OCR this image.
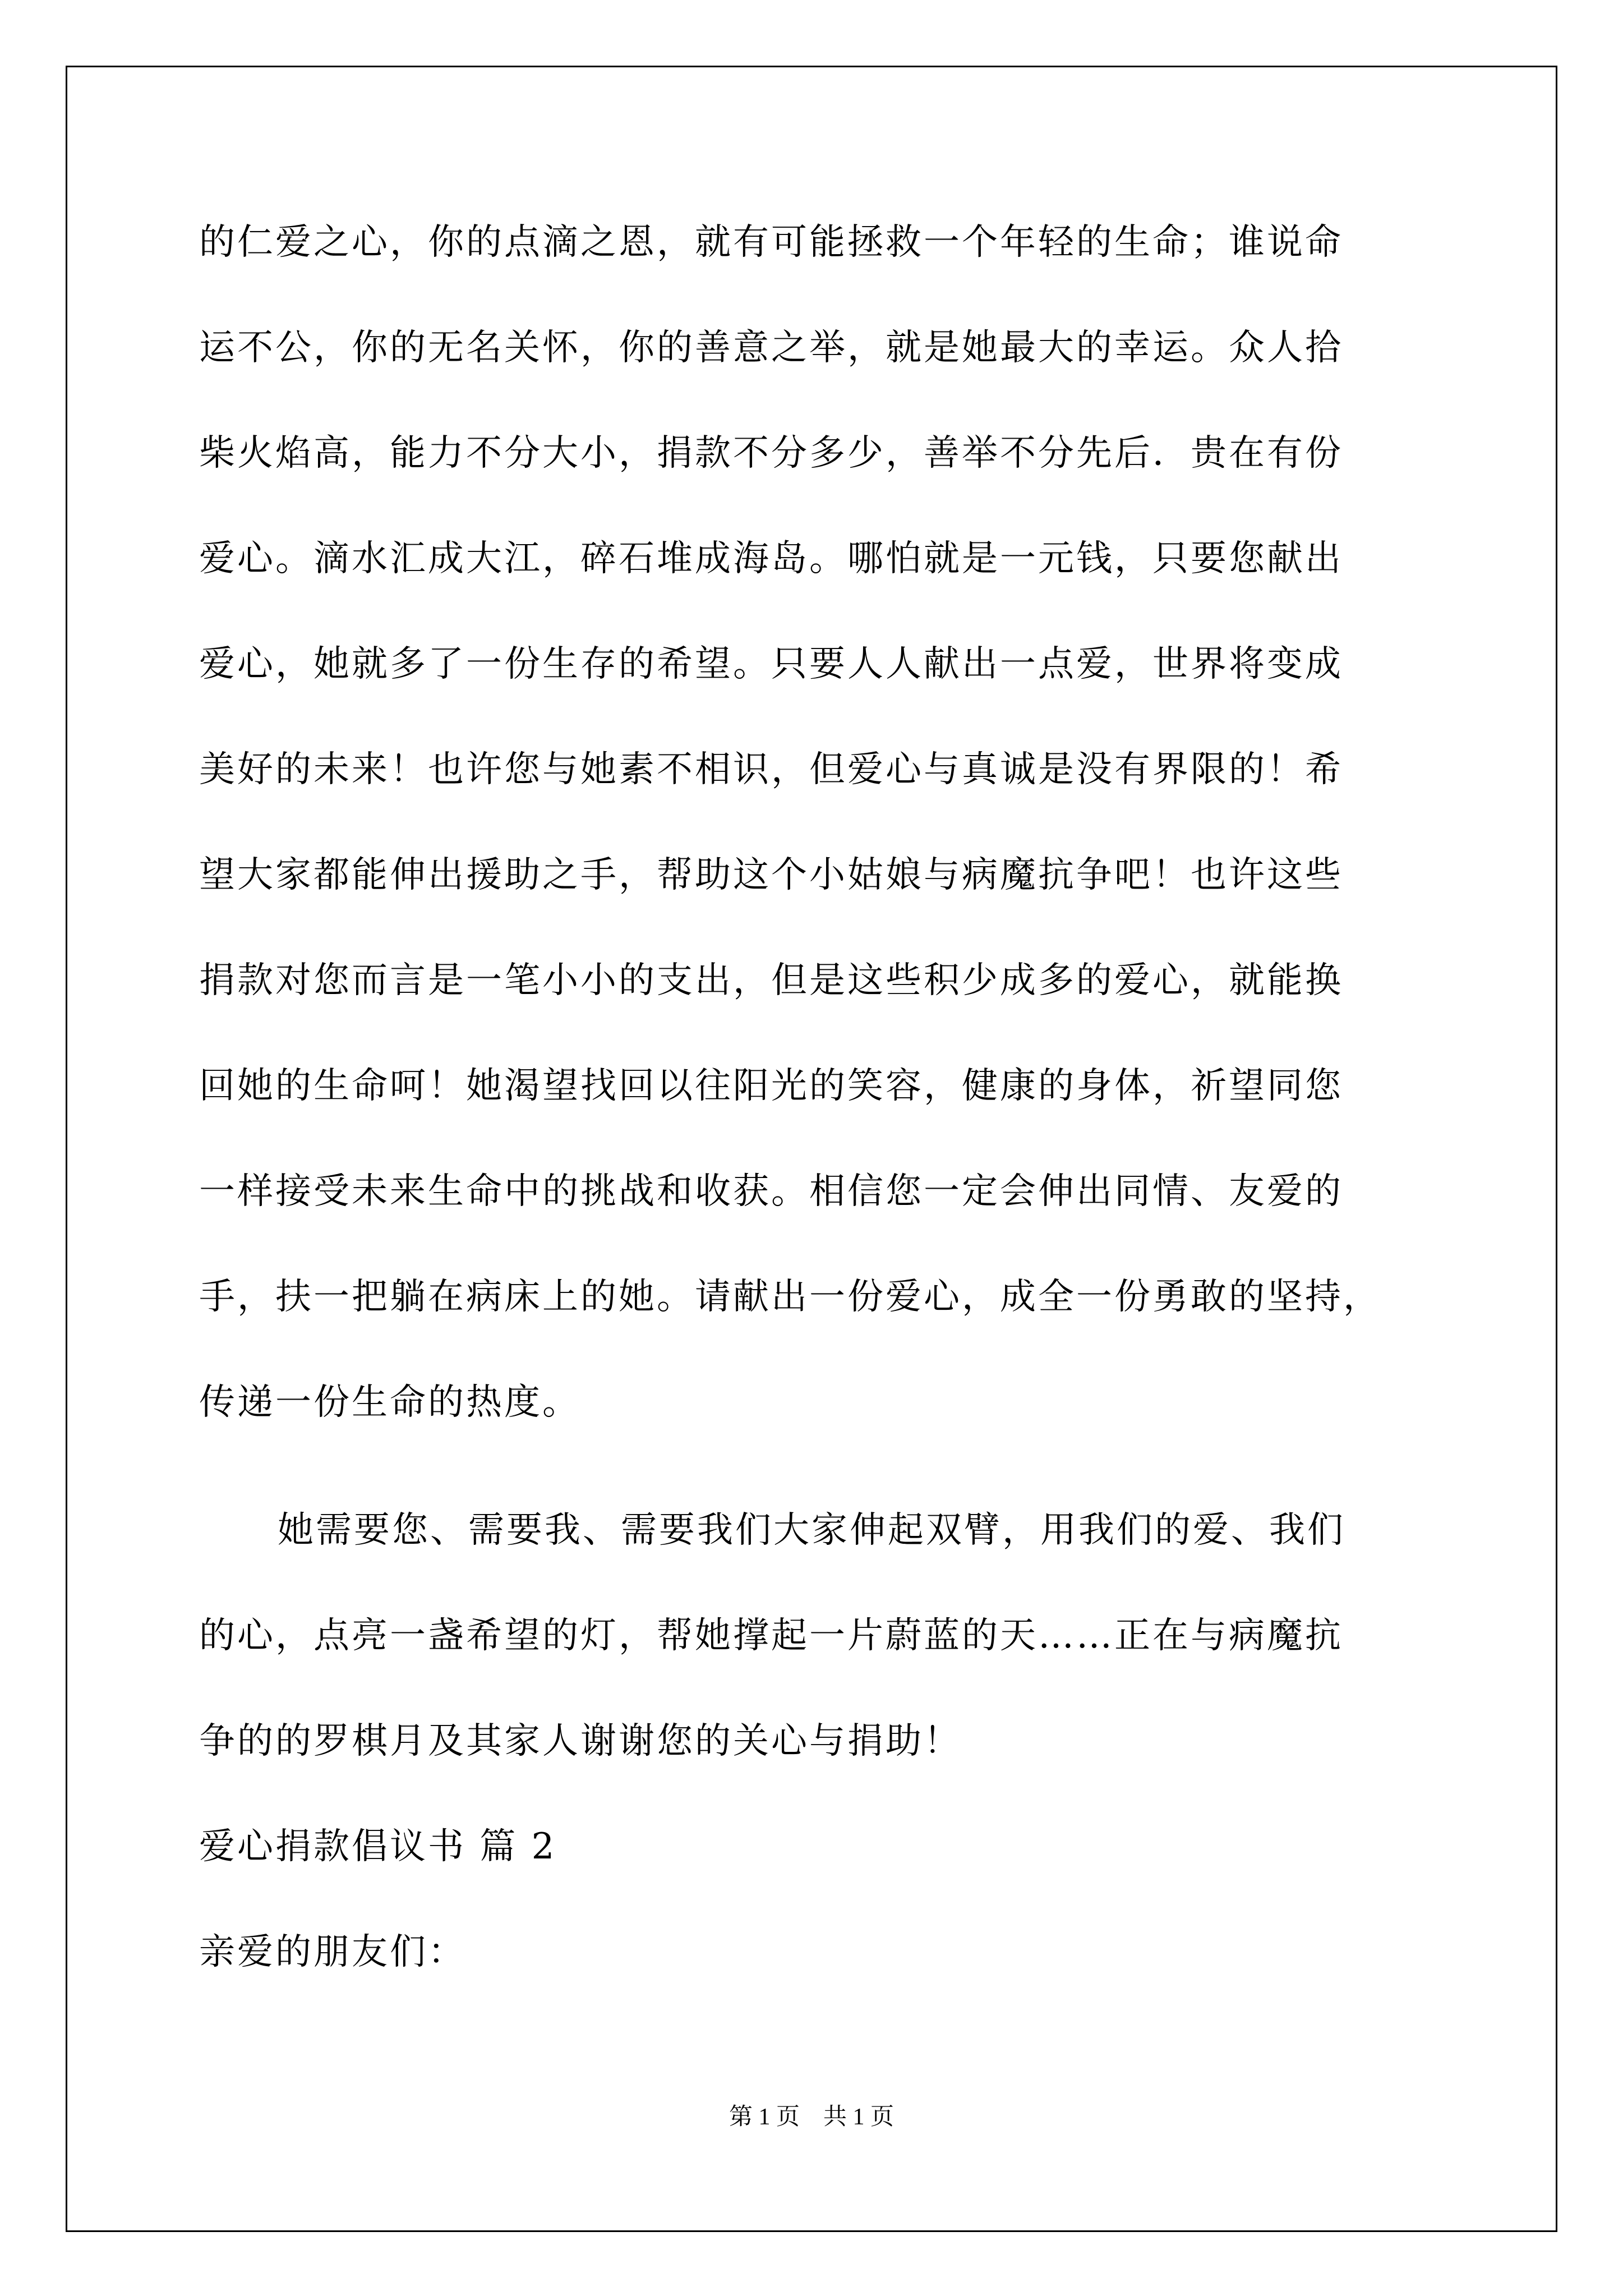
的仁爱之心，你的点滴之恩，就有可能拯救一个年轻的生命；谁说命
运不公，你的无名关怀，你的善意之举，就是她最大的幸运。众人拾
柴火焰高，能力不分大小，捐款不分多少，善举不分先后．贵在有份
爱心。滴水汇成大江，碎石堆成海岛。哪怕就是一元钱，只要您献出
爱心，她就多了一份生存的希望。只要人人献出一点爱，世界将变成
美好的未来！也许您与她素不相识，但爱心与真诚是没有界限的！希
望大家都能伸出援助之手，帮助这个小姑娘与病魔抗争吧！也许这些
捐款对您而言是一笔小小的支出，但是这些积少成多的爱心，就能换
回她的生命呵！她渴望找回以往阳光的笑容，健康的身体，祈望同您
一样接受未来生命中的挑战和收获。相信您一定会伸出同情、友爱的
手，扶一把躺在病床上的她。请献出一份爱心，成全一份勇敢的坚持，
传递一份生命的热度。
她需要您、需要我、需要我们大家伸起双臂，用我们的爱、我们
的心，点亮一盏希望的灯，帮她撑起一片蔚蓝的天……正在与病魔抗
争的的罗棋月及其家人谢谢您的关心与捐助！
爱心捐款倡议书 篇 2
亲爱的朋友们：
第 1 页　共 1 页
